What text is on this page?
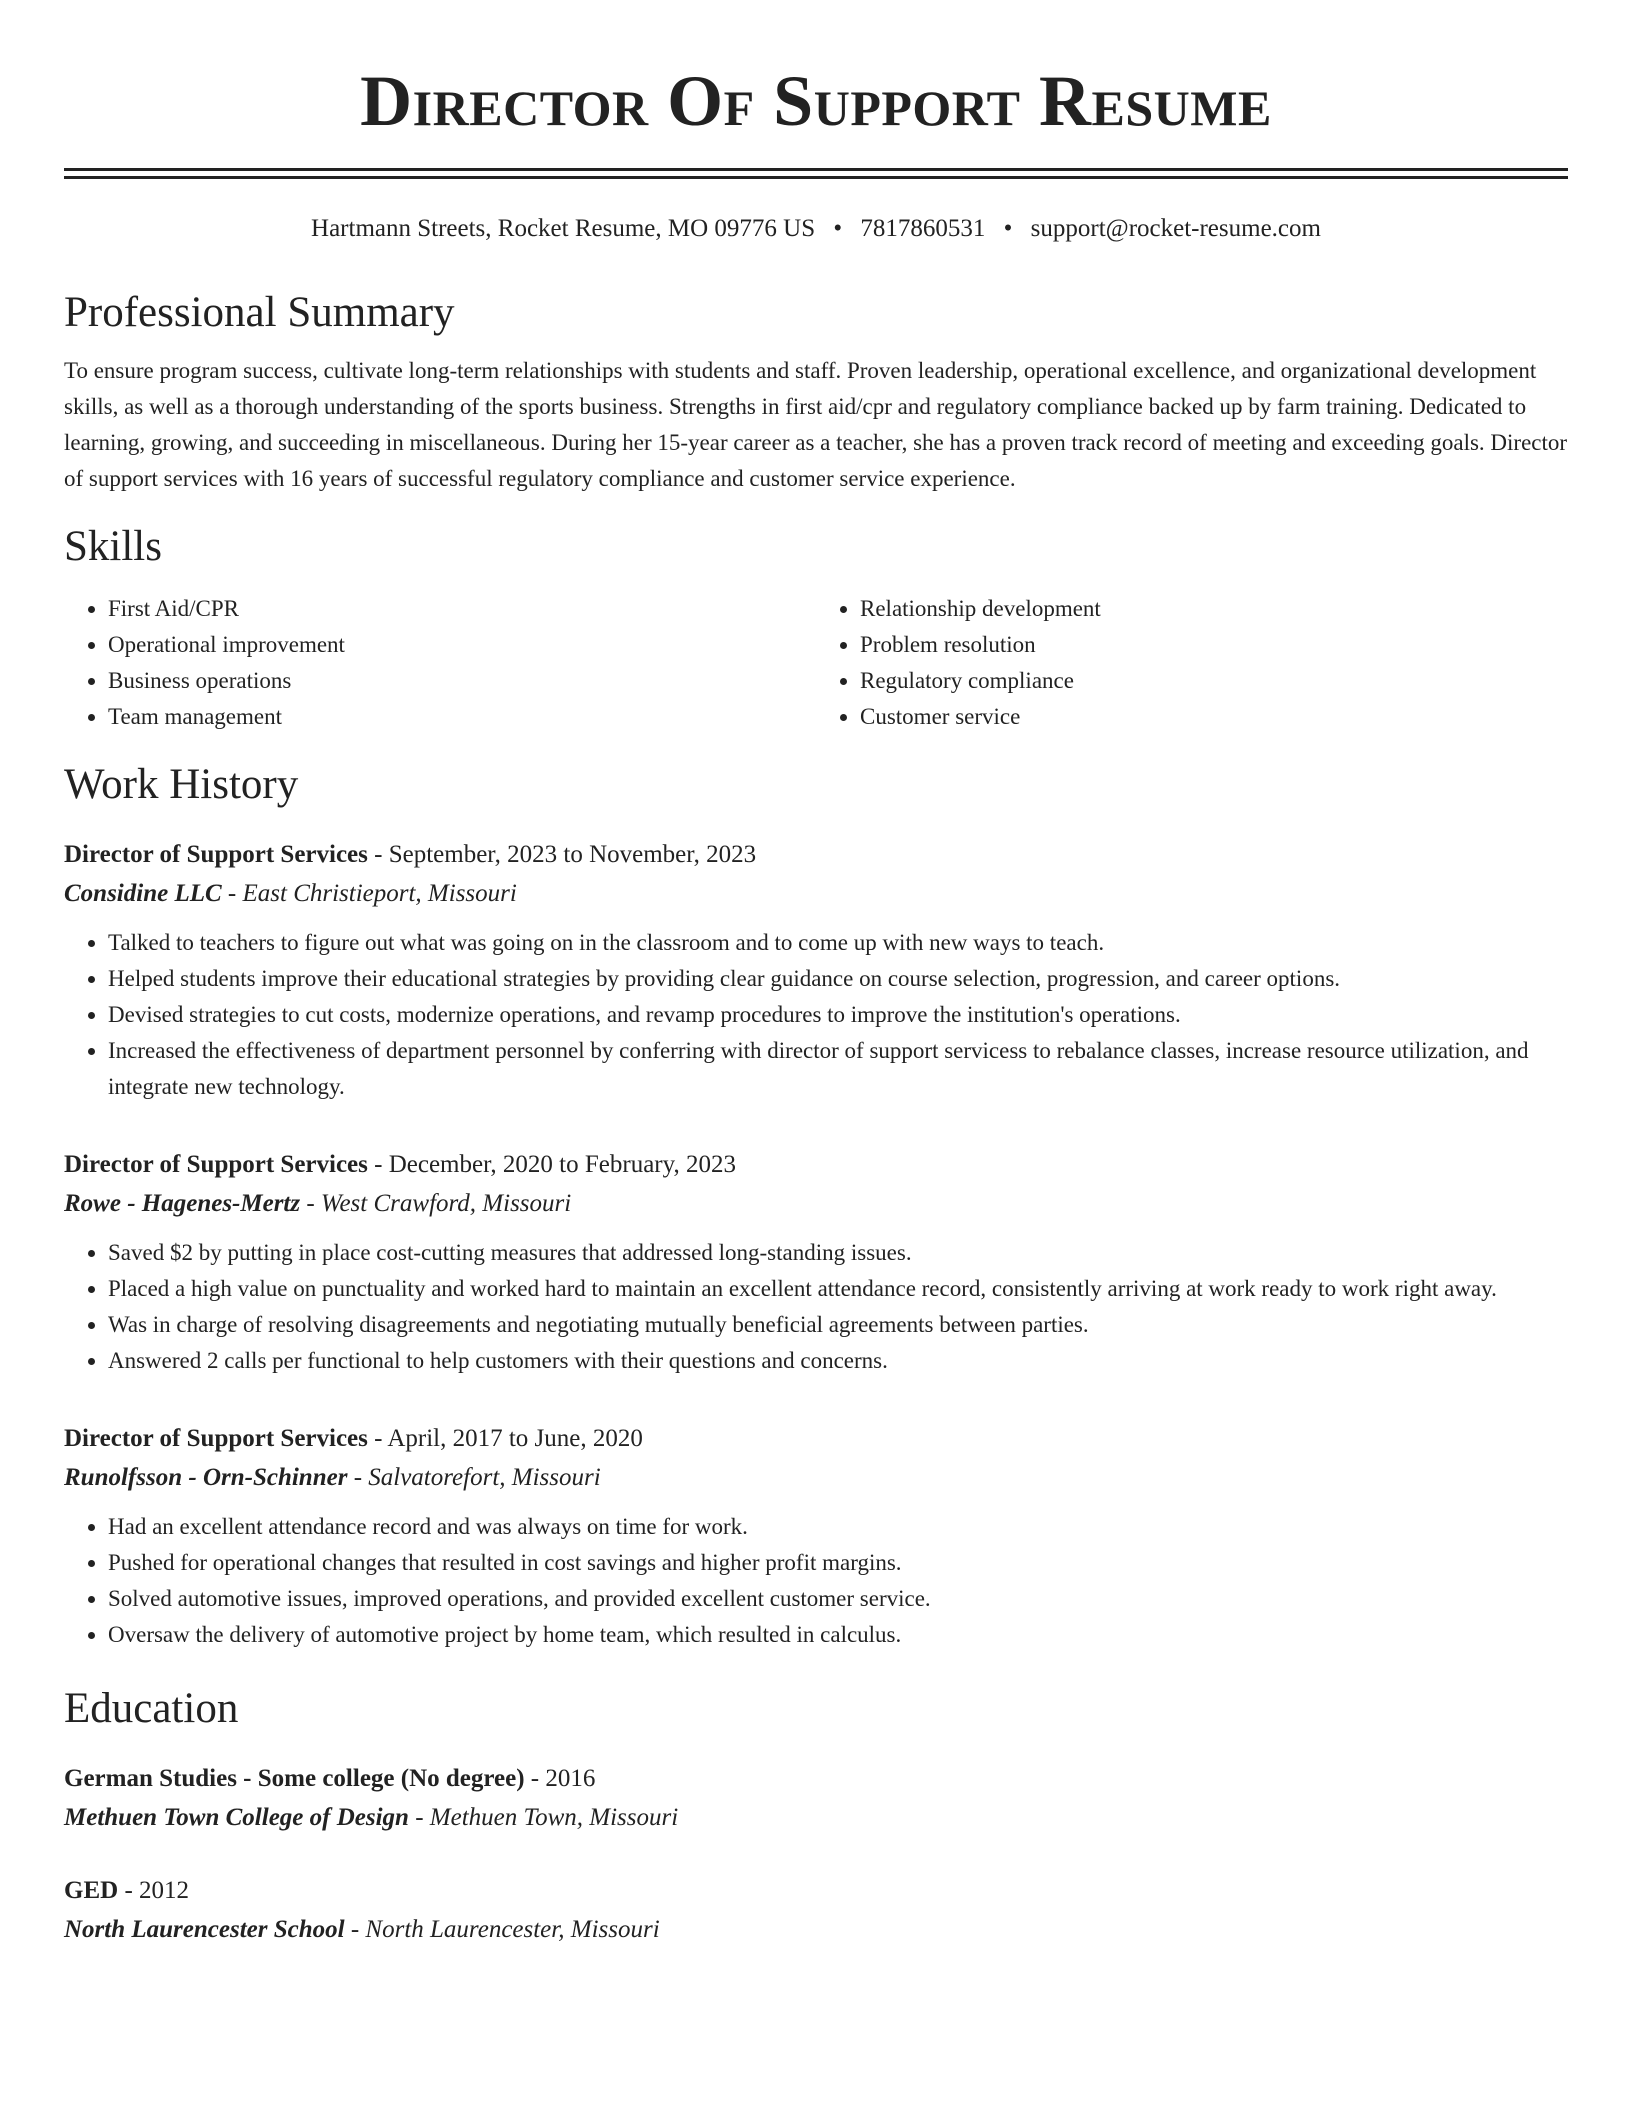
Director Of Support Resume
Hartmann Streets, Rocket Resume, MO 09776 US • 7817860531 • support@rocket-resume.com
Professional Summary

To ensure program success, cultivate long-term relationships with students and staff. Proven leadership, operational excellence, and organizational development skills, as well as a thorough understanding of the sports business. Strengths in first aid/cpr and regulatory compliance backed up by farm training. Dedicated to learning, growing, and succeeding in miscellaneous. During her 15-year career as a teacher, she has a proven track record of meeting and exceeding goals. Director of support services with 16 years of successful regulatory compliance and customer service experience.

Skills
• First Aid/CPR
• Operational improvement
• Business operations
• Team management
• Relationship development
• Problem resolution
• Regulatory compliance
• Customer service
Work History
Director of Support Services - September, 2023 to November, 2023
Considine LLC - East Christieport, Missouri
• Talked to teachers to figure out what was going on in the classroom and to come up with new ways to teach.
• Helped students improve their educational strategies by providing clear guidance on course selection, progression, and career options.
• Devised strategies to cut costs, modernize operations, and revamp procedures to improve the institution's operations.
• Increased the effectiveness of department personnel by conferring with director of support servicess to rebalance classes, increase resource utilization, and integrate new technology.
Director of Support Services - December, 2020 to February, 2023
Rowe - Hagenes-Mertz - West Crawford, Missouri
• Saved $2 by putting in place cost-cutting measures that addressed long-standing issues.
• Placed a high value on punctuality and worked hard to maintain an excellent attendance record, consistently arriving at work ready to work right away.
• Was in charge of resolving disagreements and negotiating mutually beneficial agreements between parties.
• Answered 2 calls per functional to help customers with their questions and concerns.
Director of Support Services - April, 2017 to June, 2020
Runolfsson - Orn-Schinner - Salvatorefort, Missouri
• Had an excellent attendance record and was always on time for work.
• Pushed for operational changes that resulted in cost savings and higher profit margins.
• Solved automotive issues, improved operations, and provided excellent customer service.
• Oversaw the delivery of automotive project by home team, which resulted in calculus.
Education
German Studies - Some college (No degree) - 2016
Methuen Town College of Design - Methuen Town, Missouri
GED - 2012
North Laurencester School - North Laurencester, Missouri
